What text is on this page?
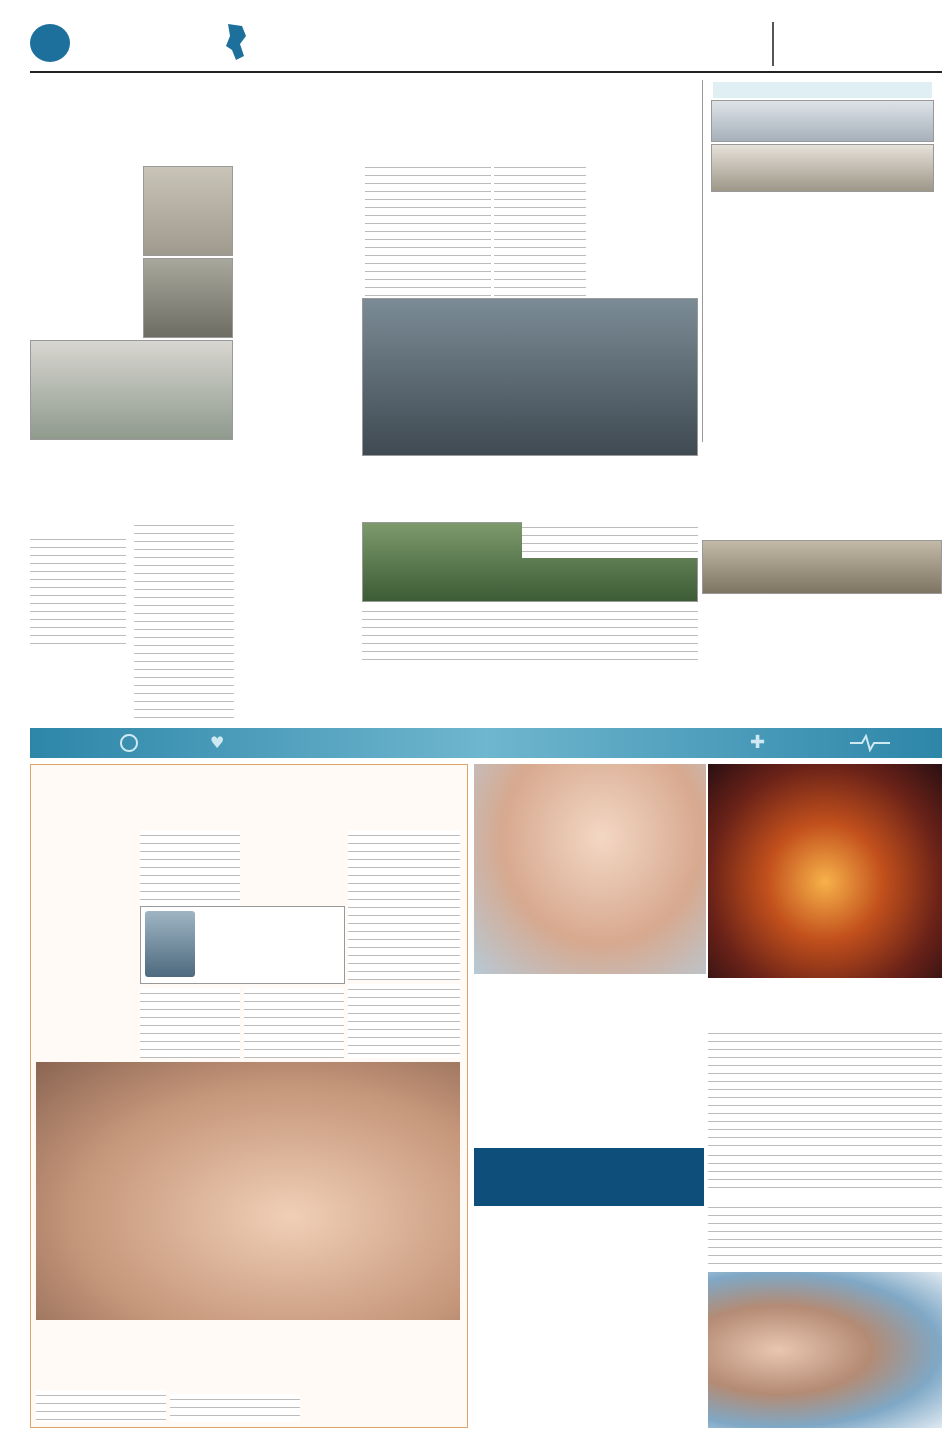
♥	✚
